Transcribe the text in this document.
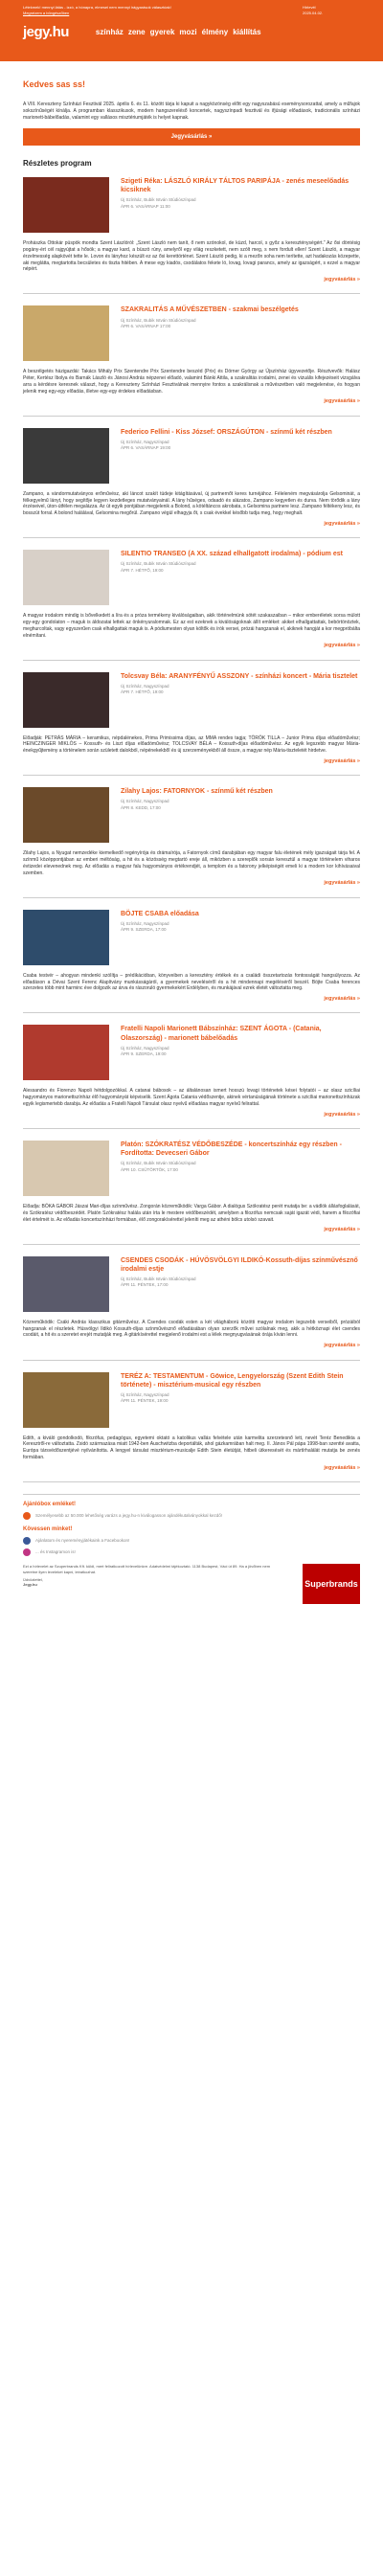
Létekmek! mennyi látás - izzó, a hónapra, elmesei nem mennyi irágyarások választóak!
Megnézem a böngészőben
Hírlevél
2025.04.02.
jegy.hu	színház zene gyerek mozi élmény kiállítás
Kedves sas ss!

A VIII. Kereszteny Színházi Fesztivál 2025. április 6. és 11. között tárja ki kapuit a nagyközönség előtt egy nagyszabású eseménysorozattal, amely a műfajok sokszínűségét kínálja. A programban klasszikusok, modern hangszereléső koncertek, nagyszínpadi fesztivál és ifjúsági előadások, tradicionális színházi marionett-bábelőadás, valamint egy vallásos misztériumjáték is helyet kapnak.

Jegyvásárlás »
Részletes program
Szigeti Réka: LÁSZLÓ KIRÁLY TÁLTOS PARIPÁJA - zenés meseelőadás kicsiknek
Új Színház, Bubik István Stúdiószínpad
ÁPR 6. VASÁRNAP 11:00

Prohászka Ottokár püspök mondta Szent Lászlóról: „Szent László nem tanít, ő nem szónokol, de küzd, harcol, s győz a kereszténységért.” Az ősi döntésig pogány-ért cél rajgyújtat a hősök; a magyar kard, a büszö rúny, amelyről egy világ reszketett, nem szólt meg, s nem fordult ellen! Szent László, a magyar érzelmesség alapkövét tette le. Lovon és lányhoz készült ez az ősi kerettörténet. Szent László pedig, ki a mezőn soha nem terítette, azt hadakozás közepette, aki meglátta, megtartotta becsületes és tiszta hitében. A mese egy kiadós, csodálatos fekete ló, lovag, lovagi parancs, amely az igazságért, s ezzel a magyar népért.

jegyvásárlás »
SZAKRALITÁS A MŰVÉSZETBEN - szakmai beszélgetés
Új Színház, Bubik István Stúdiószínpad
ÁPR 6. VASÁRNAP 17:00

A beszélgetés házigazdái: Takács Mihály Prix Szentendre Prix Szentendre beszéd (Prix) és Dörner György az Újszínház ügyvezetője. Résztvevők: Halász Péter, Kertész Ibolya és Barnák László és Jánosi András népzenei előadó, valamint Bánki Attila, a szakralitás irodalmi, zenei és vizuális kifejezéseit vizsgálva arra a kérdésre keresnek választ, hogy a Kereszteny Színházi Fesztiválnak mennyire fontos a szakrálisnak a művészetben való megjelenése, és hogyan jelenik meg egy-egy előadás, illetve egy-egy érdekes előadásban.

jegyvásárlás »
Federico Fellini - Kiss József: ORSZÁGÚTON - színmű két részben
Új Színház, Nagyszínpad
ÁPR 6. VASÁRNAP 19:00

Zampano, a vándormutatványos erőművész, aki láncot szakít tüdeje kitágításával, új partnernőt keres turnéjához. Féleleném megvásárolja Gelsominát, a félkegyelmű lányt, hogy segítője legyen kezdetleges mutatványainál. A lány hűséges, odaadó és alázatos, Zampano kegyetlen és durva. Nem törődik a lány érzéseivel, úton-útfélen megalázza. Az út egyik pontjában megjelenik a Bolond, a kötéltáncos akrobata, s Gelsomina partnere lesz. Zampano féltékeny lesz, és bosszút forral. A bolond halálával, Gelsomina megőrül. Zampano végül elhagyja őt, s csak évekkel később tudja meg, hogy meghalt.

jegyvásárlás »
SILENTIO TRANSEO (A XX. század elhallgatott irodalma) - pódium est
Új Színház, Bubik István Stúdiószínpad
ÁPR 7. HÉTFŐ, 19:00

A magyar irodalom mindig is bővelkedett a líra és a próza termékeny kiválóságaiban, akik történelmünk sötét szakaszaiban – mikor emberéletek sorsa múlott egy-egy gondolaton – maguk is áldozatai lettek az önkényuralomnak. Ez az est ezeknek a kiválóságoknak állít emléket: akiket elhallgattattak, bebörtönöztek, meghurcoltak, vagy egyszerűen csak elhallgattak maguk is. A pódiumesten olyan költők és írók versei, prózái hangzanak el, akiknek hangját a kor megpróbálta elnémítani.

jegyvásárlás »
Tolcsvay Béla: ARANYFÉNYŰ ASSZONY - színházi koncert - Mária tisztelet
Új Színház, Nagyszínpad
ÁPR 7. HÉTFŐ, 19:00

Előadják: PETRÁS MÁRIA – keramikus, népdalénekes, Prima Primissima díjas, az MMA rendes tagja; TÖRÖK TILLA – Junior Prima díjas előadóművész; HEINCZINGER MIKLÓS – Kossuth- és Liszt díjas előadóművész; TOLCSVAY BÉLA – Kossuth-díjas előadóművész. Az egyik legszebb magyar Mária-énekgyűjtemény a történelem során született dalokból, népénekekből és új szerzeményekből áll össze, a magyar nép Mária-tiszteletét hirdetve.

jegyvásárlás »
Zilahy Lajos: FATORNYOK - színmű két részben
Új Színház, Nagyszínpad
ÁPR 8. KEDD, 17:00

Zilahy Lajos, a Nyugat nemzedéke kiemelkedő regényírója és drámaírója, a Fatornyok című darabjában egy magyar falu életének mély igazságait tárja fel. A színmű középpontjában az emberi méltóság, a hit és a közösség megtartó ereje áll, miközben a szereplők sorsán keresztül a magyar történelem viharos évtizedei elevenednek meg. Az előadás a magyar falu hagyományos értékrendjét, a templom és a fatorony jelképiségét emeli ki a modern kor kihívásaival szemben.

jegyvásárlás »
BÖJTE CSABA előadása
Új Színház, Nagyszínpad
ÁPR 9. SZERDA, 17:00

Csaba testvér – ahogyan mindenki szólítja – prédikációban, könyveiben a keresztény értékek és a családi összetartozás fontosságát hangsúlyozza. Az előadáson a Dévai Szent Ferenc Alapítvány munkásságáról, a gyermekek neveléséről és a hit mindennapi megéléséről beszél. Böjte Csaba ferences szerzetes több mint harminc éve dolgozik az árva és rászoruló gyermekekért Erdélyben, és munkájával ezrek életét változtatta meg.

jegyvásárlás »
Fratelli Napoli Marionett Bábszínház: SZENT ÁGOTA - (Catania, Olaszország) - marionett bábelőadás
Új Színház, Nagyszínpad
ÁPR 9. SZERDA, 19:00

Alessandro és Fiorenzo Napoli hétdolgozókkal. A catanai bábosok – az általánosan ismert hosszú lovagi történetek kései folytatói – az olasz szicíliai hagyományos marionettszínház élő hagyományát képviselik. Szent Ágota Catania védőszentje, akinek vértanúságának története a szicíliai marionettszínházak egyik legismertebb darabja. Az előadás a Fratelli Napoli Társulat olasz nyelvű előadása magyar nyelvű felirattal.

jegyvásárlás »
Platón: SZÓKRATÉSZ VÉDŐBESZÉDE - koncertszínház egy részben - Fordította: Devecseri Gábor
Új Színház, Bubik István Stúdiószínpad
ÁPR 10. CSÜTÖRTÖK, 17:00

Előadja: BÓKA GÁBOR Jászai Mari-díjas színművész. Zongorán közreműködik: Varga Gábor. A dialógus Szókratész perét mutatja be: a vádlók állásfoglalását, és Szókratész védőbeszédét. Platón Szókratész halála után írta le mestere védőbeszédét, amelyben a filozófus nemcsak saját igazát védi, hanem a filozófiai élet értelmét is. Az előadás koncertszínházi formában, élő zongorakísérettel jeleníti meg az athéni bölcs utolsó szavait.

jegyvásárlás »
CSENDES CSODÁK - HÚVÖSVÖLGYI ILDIKÓ-Kossuth-díjas színművésznő irodalmi estje
Új Színház, Bubik István Stúdiószínpad
ÁPR 11. PÉNTEK, 17:00

Közreműködik: Csáki András klasszikus gitárművész. A Csendes csodák esten a két világháború közötti magyar irodalom legszebb verseiből, prózáiból hangzanak el részletek. Húsvölgyi Ildikó Kossuth-díjas színművésznő előadásában olyan szerzők művei szólalnak meg, akik a hétköznapi élet csendes csodáit, a hit és a szeretet erejét mutatják meg. A gitárkísérettel megjelenő irodalmi est a lélek megnyugvásának órája kíván lenni.

jegyvásárlás »
TERÉZ A: TESTAMENTUM - Göwice, Lengyelország (Szent Edith Stein története) - misztérium-musical egy részben
Új Színház, Nagyszínpad
ÁPR 11. PÉNTEK, 19:00

Edith, a kiváló gondolkodó, filozófus, pedagógus, egyetemi oktató a katolikus vallás felvétele után karmelita szerzetesnő lett, nevét Teréz Benedikta a Keresztről-re változtatta. Zsidó származása miatt 1942-ben Auschwitzba deportálták, ahol gázkamrában halt meg. II. János Pál pápa 1998-ban szentté avatta, Európa társvédőszentjévé nyilvánította. A lengyel társulat misztérium-musicalje Edith Stein életútját, hitbeli útkeresését és mártírhalálát mutatja be zenés formában.

jegyvásárlás »
Ajánlóbox emléket!
Személyesebb az 50.000 lehetőség varázs a jegy.hu-n kiválogasson ajándékutalványokkal kezdő!
Kövessen minket!
Ajánlatom és nyereményjátékaink a Facebookon!
... és Instagramon is!
Ezt a hírlevelet az Szuperbrands Kft. küldi, mert feliratkozott hírlevelünkre. Adatvédelmi tájékoztató. 1138 Budapest, Váci út 89. Ha a jövőben nem szeretne ilyen leveleket kapni, leiratkozhat.
Üdvözlettel,
Jegy.hu	Superbrands
